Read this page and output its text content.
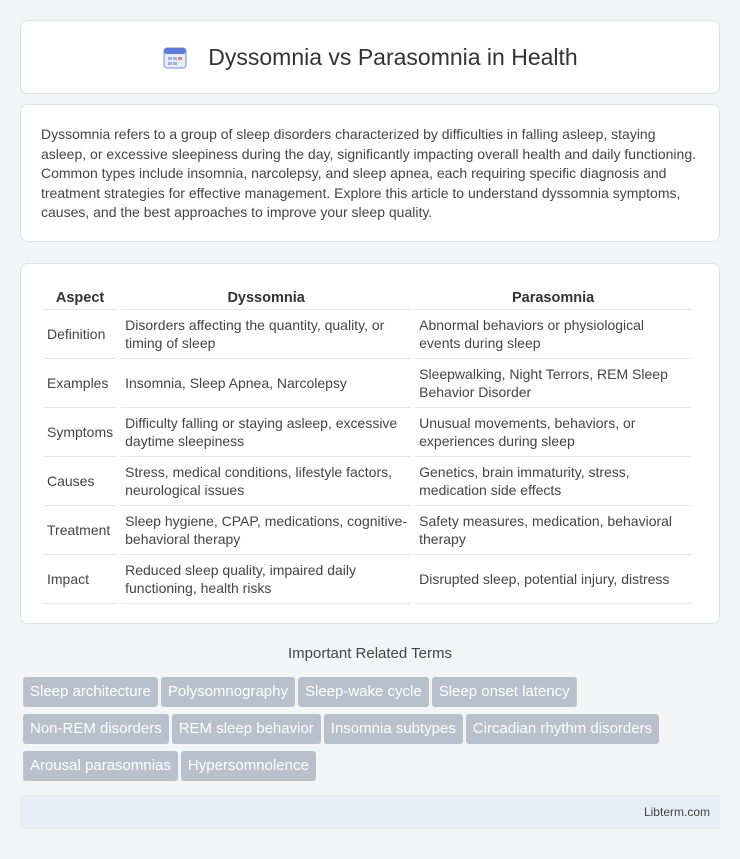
Dyssomnia vs Parasomnia in Health

Dyssomnia refers to a group of sleep disorders characterized by difficulties in falling asleep, staying asleep, or excessive sleepiness during the day, significantly impacting overall health and daily functioning. Common types include insomnia, narcolepsy, and sleep apnea, each requiring specific diagnosis and treatment strategies for effective management. Explore this article to understand dyssomnia symptoms, causes, and the best approaches to improve your sleep quality.

Aspect	Dyssomnia	Parasomnia
Definition	Disorders affecting the quantity, quality, or timing of sleep	Abnormal behaviors or physiological events during sleep
Examples	Insomnia, Sleep Apnea, Narcolepsy	Sleepwalking, Night Terrors, REM Sleep Behavior Disorder
Symptoms	Difficulty falling or staying asleep, excessive daytime sleepiness	Unusual movements, behaviors, or experiences during sleep
Causes	Stress, medical conditions, lifestyle factors, neurological issues	Genetics, brain immaturity, stress, medication side effects
Treatment	Sleep hygiene, CPAP, medications, cognitive-behavioral therapy	Safety measures, medication, behavioral therapy
Impact	Reduced sleep quality, impaired daily functioning, health risks	Disrupted sleep, potential injury, distress
Important Related Terms
Sleep architecture Polysomnography Sleep-wake cycle Sleep onset latency
Non-REM disorders REM sleep behavior Insomnia subtypes Circadian rhythm disorders
Arousal parasomnias Hypersomnolence
Libterm.com
